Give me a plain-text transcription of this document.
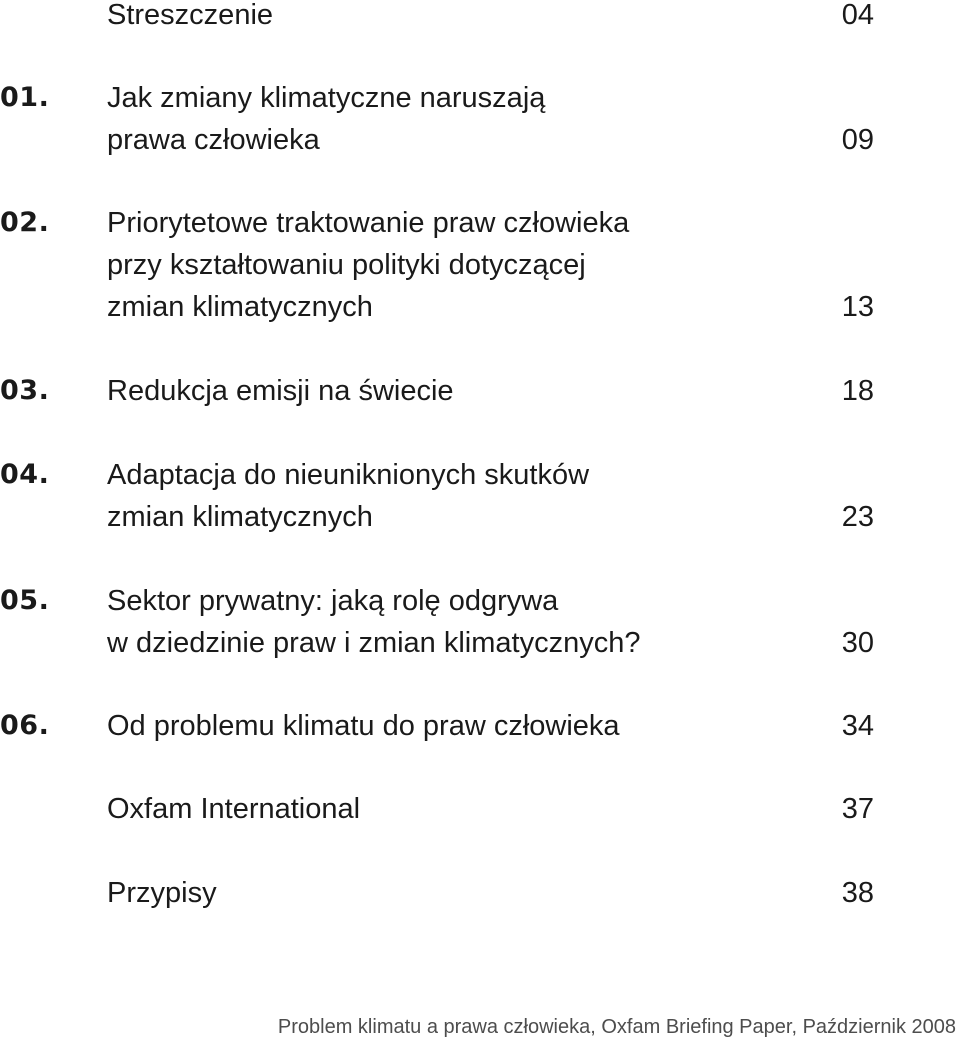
Streszczenie	04
01. Jak zmiany klimatyczne naruszają
prawa człowieka	09
02. Priorytetowe traktowanie praw człowieka
przy kształtowaniu polityki dotyczącej
zmian klimatycznych	13
03. Redukcja emisji na świecie	18
04. Adaptacja do nieuniknionych skutków
zmian klimatycznych	23
05. Sektor prywatny: jaką rolę odgrywa
w dziedzinie praw i zmian klimatycznych?	30
06. Od problemu klimatu do praw człowieka	34
Oxfam International	37
Przypisy	38
Problem klimatu a prawa człowieka, Oxfam Briefing Paper, Październik 2008
